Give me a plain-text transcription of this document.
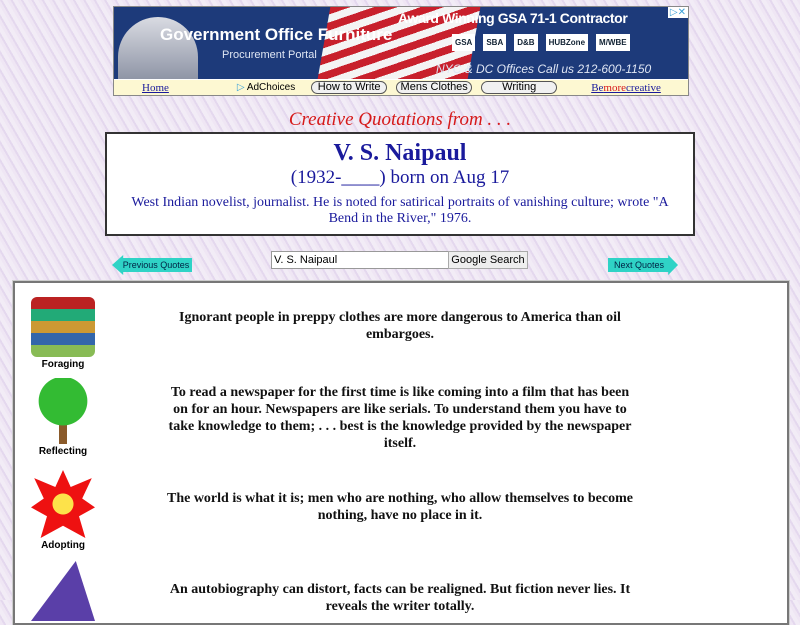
Government Office Furniture
Procurement Portal
Award Winning GSA 71-1 Contractor
GSA	SBA	D&B	HUBZone	M/WBE
NYC & DC Offices Call us 212-600-1150
▷✕
Home	▷ AdChoices	How to Write	Mens Clothes	Writing	Bemorecreative
Creative Quotations from . . .
V. S. Naipaul
(1932-____) born on Aug 17
West Indian novelist, journalist. He is noted for satirical portraits of vanishing culture; wrote "A Bend in the River," 1976.
Previous Quotes
V. S. Naipaul	Google Search	Next Quotes
Foraging
Ignorant people in preppy clothes are more dangerous to America than oil embargoes.
Reflecting
To read a newspaper for the first time is like coming into a film that has been on for an hour. Newspapers are like serials. To understand them you have to take knowledge to them; . . . best is the knowledge provided by the newspaper itself.
Adopting
The world is what it is; men who are nothing, who allow themselves to become nothing, have no place in it.
An autobiography can distort, facts can be realigned. But fiction never lies. It reveals the writer totally.
